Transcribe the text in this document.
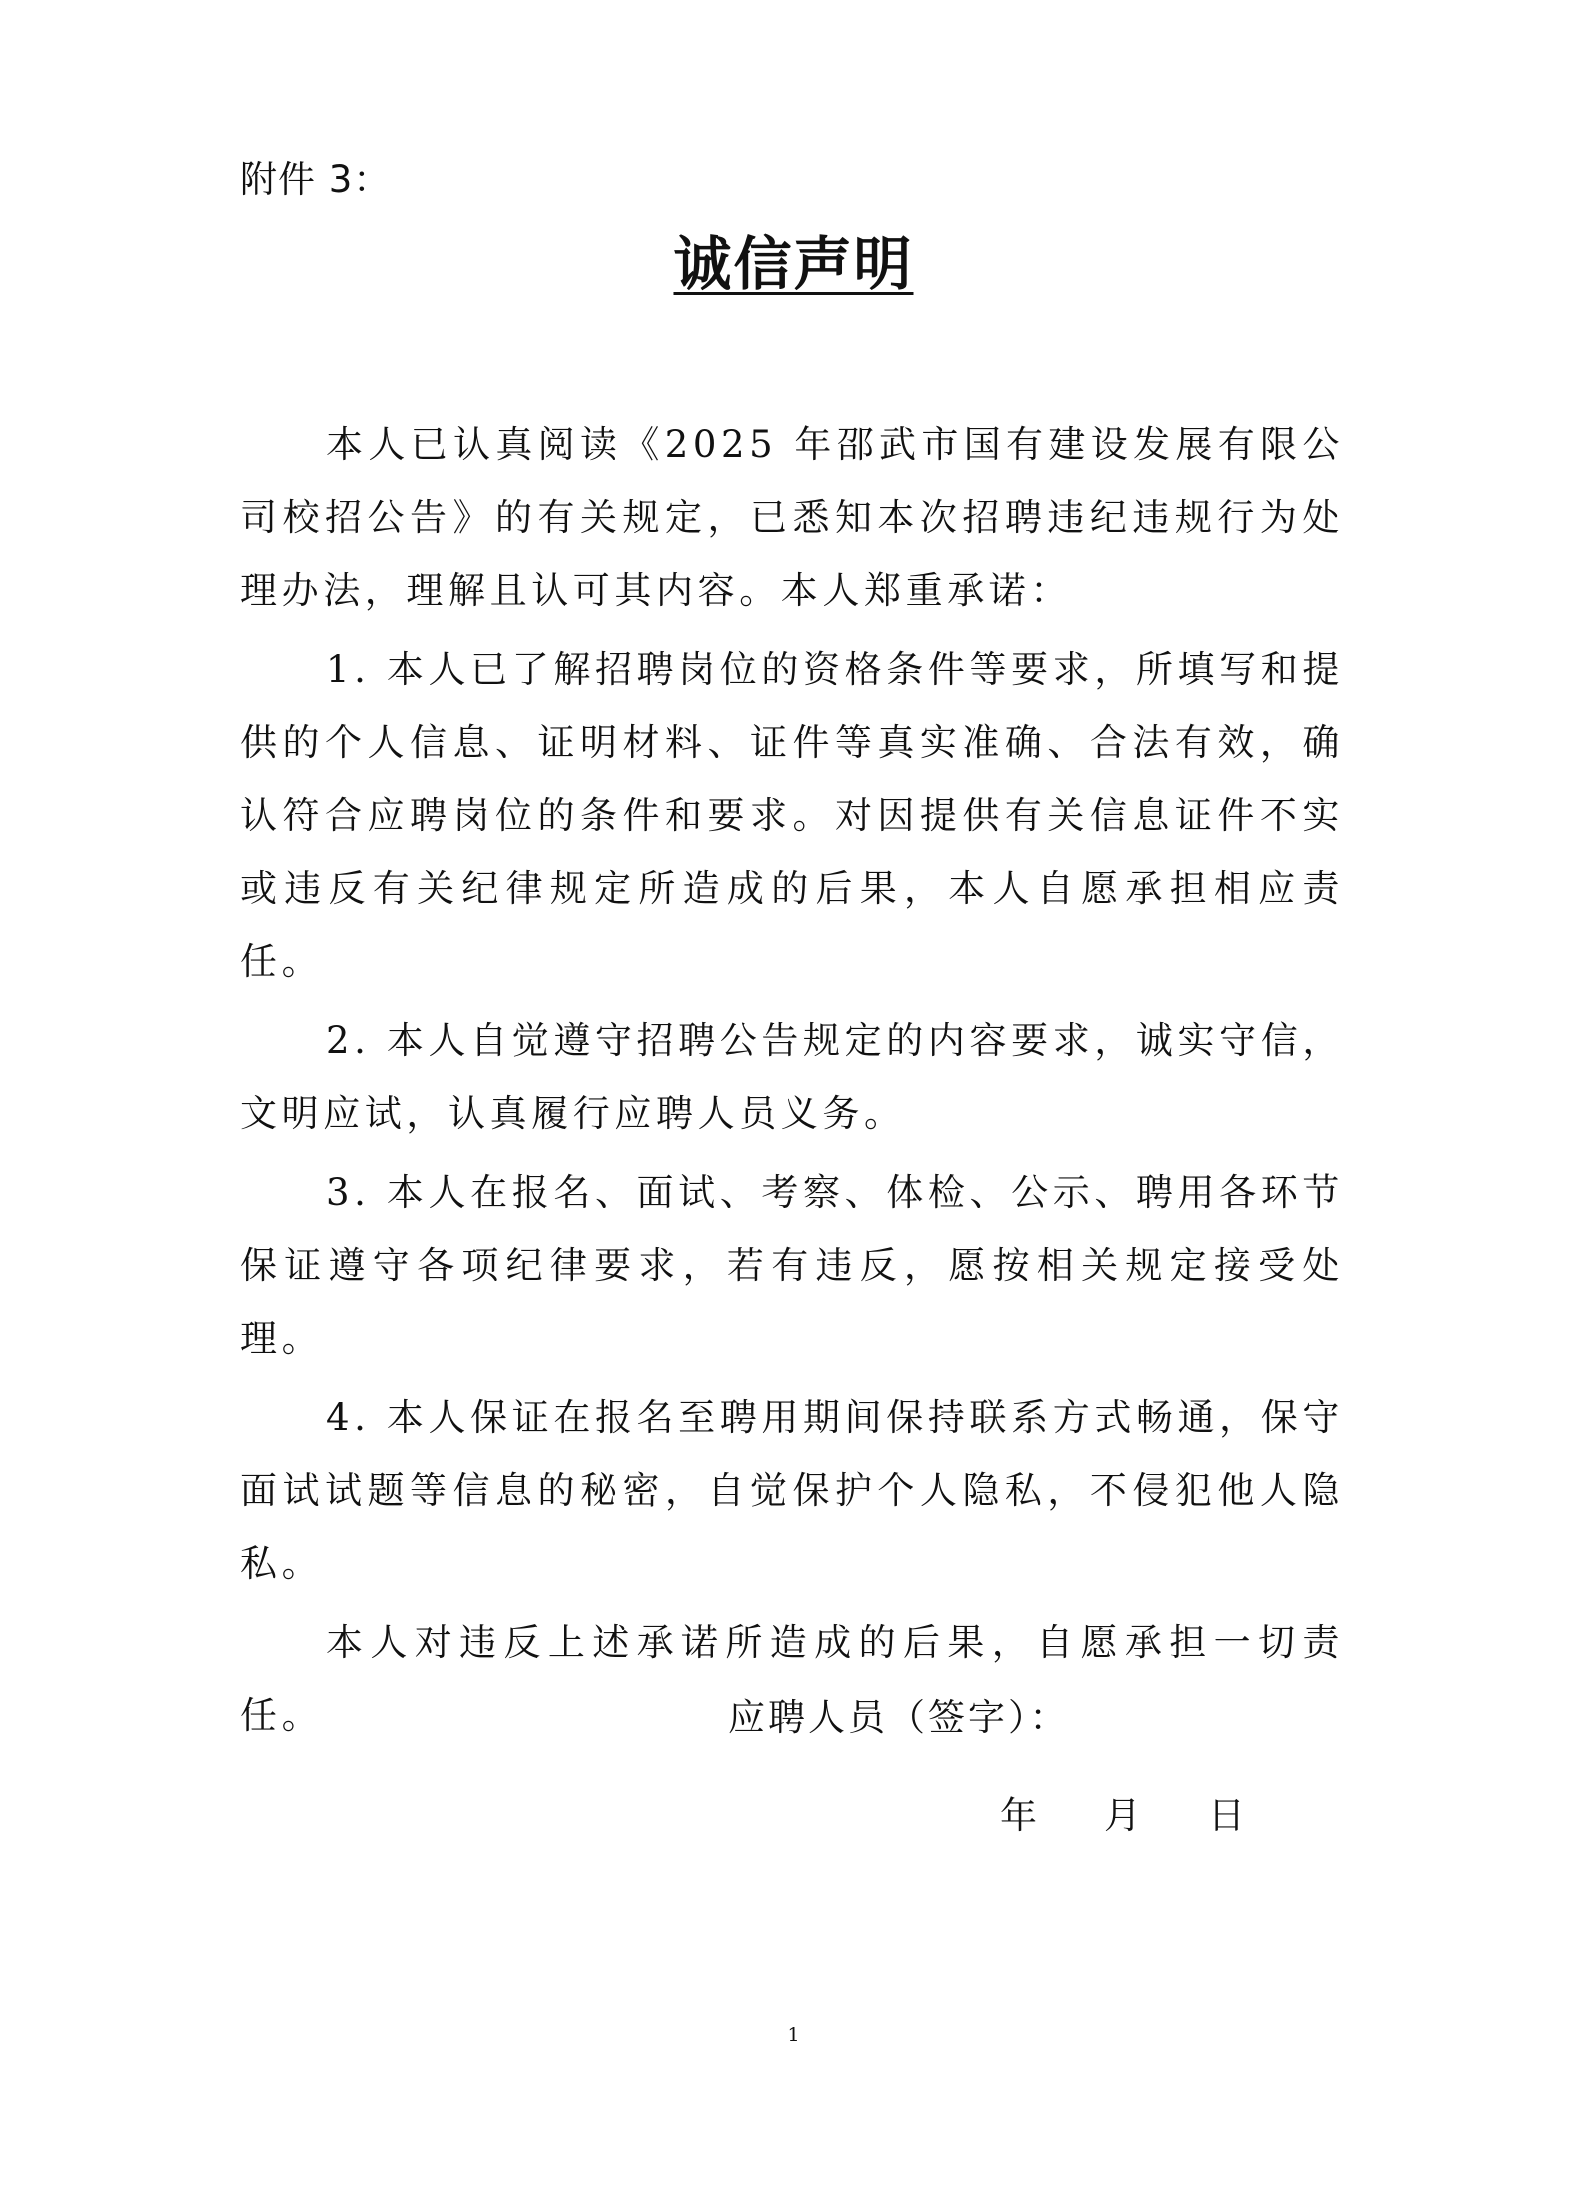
附件 3：
诚信声明

本人已认真阅读《2025 年邵武市国有建设发展有限公司校招公告》的有关规定，已悉知本次招聘违纪违规行为处理办法，理解且认可其内容。本人郑重承诺：

1. 本人已了解招聘岗位的资格条件等要求，所填写和提供的个人信息、证明材料、证件等真实准确、合法有效，确认符合应聘岗位的条件和要求。对因提供有关信息证件不实或违反有关纪律规定所造成的后果，本人自愿承担相应责任。

2. 本人自觉遵守招聘公告规定的内容要求，诚实守信，文明应试，认真履行应聘人员义务。

3. 本人在报名、面试、考察、体检、公示、聘用各环节保证遵守各项纪律要求，若有违反，愿按相关规定接受处理。

4. 本人保证在报名至聘用期间保持联系方式畅通，保守面试试题等信息的秘密，自觉保护个人隐私，不侵犯他人隐私。

本人对违反上述承诺所造成的后果，自愿承担一切责任。	应聘人员（签字）：
年 月 日
1
